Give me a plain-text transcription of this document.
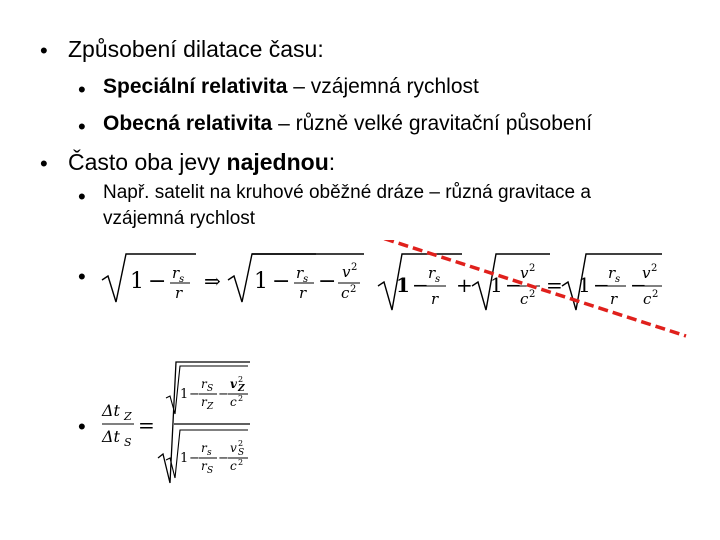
• Způsobení dilatace času:
• Speciální relativita – vzájemná rychlost
• Obecná relativita – různě velké gravitační působení
• Často oba jevy najednou:
• Např. satelit na kruhové oběžné dráze – různá gravitace a
vzájemná rychlost
• 1 − r s
r ⇒ 1 − r s
r − v 2
c 2 1 − r s
r
+ 1 −
v 2
c 2 = 1 −
r s
r
−
v 2
c 2
•
Δt Z
Δt S
=
1 −
r S
r Z
−
v 2
Z
c 2
1 −
r s
r S
−
v 2
S
c 2
